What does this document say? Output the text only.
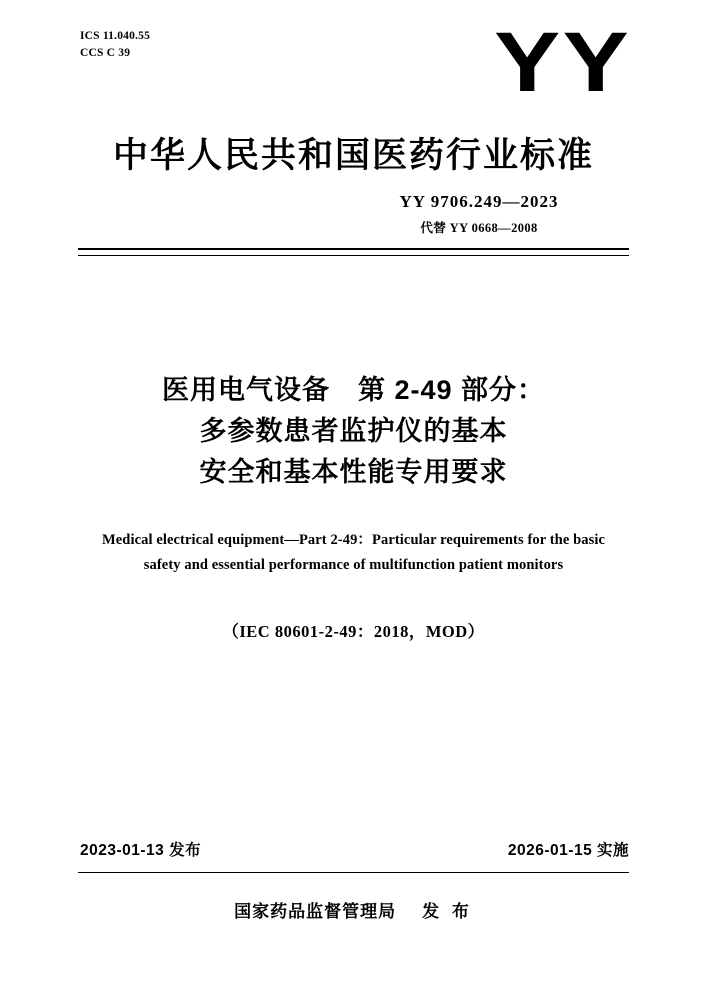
ICS 11.040.55
CCS C 39	YY
中华人民共和国医药行业标准
YY 9706.249—2023
代替 YY 0668—2008
医用电气设备　第 2-49 部分：
多参数患者监护仪的基本
安全和基本性能专用要求
Medical electrical equipment—Part 2-49：Particular requirements for the basic
safety and essential performance of multifunction patient monitors
（IEC 80601-2-49：2018，MOD）
2023-01-13 发布	2026-01-15 实施
国家药品监督管理局 发 布
